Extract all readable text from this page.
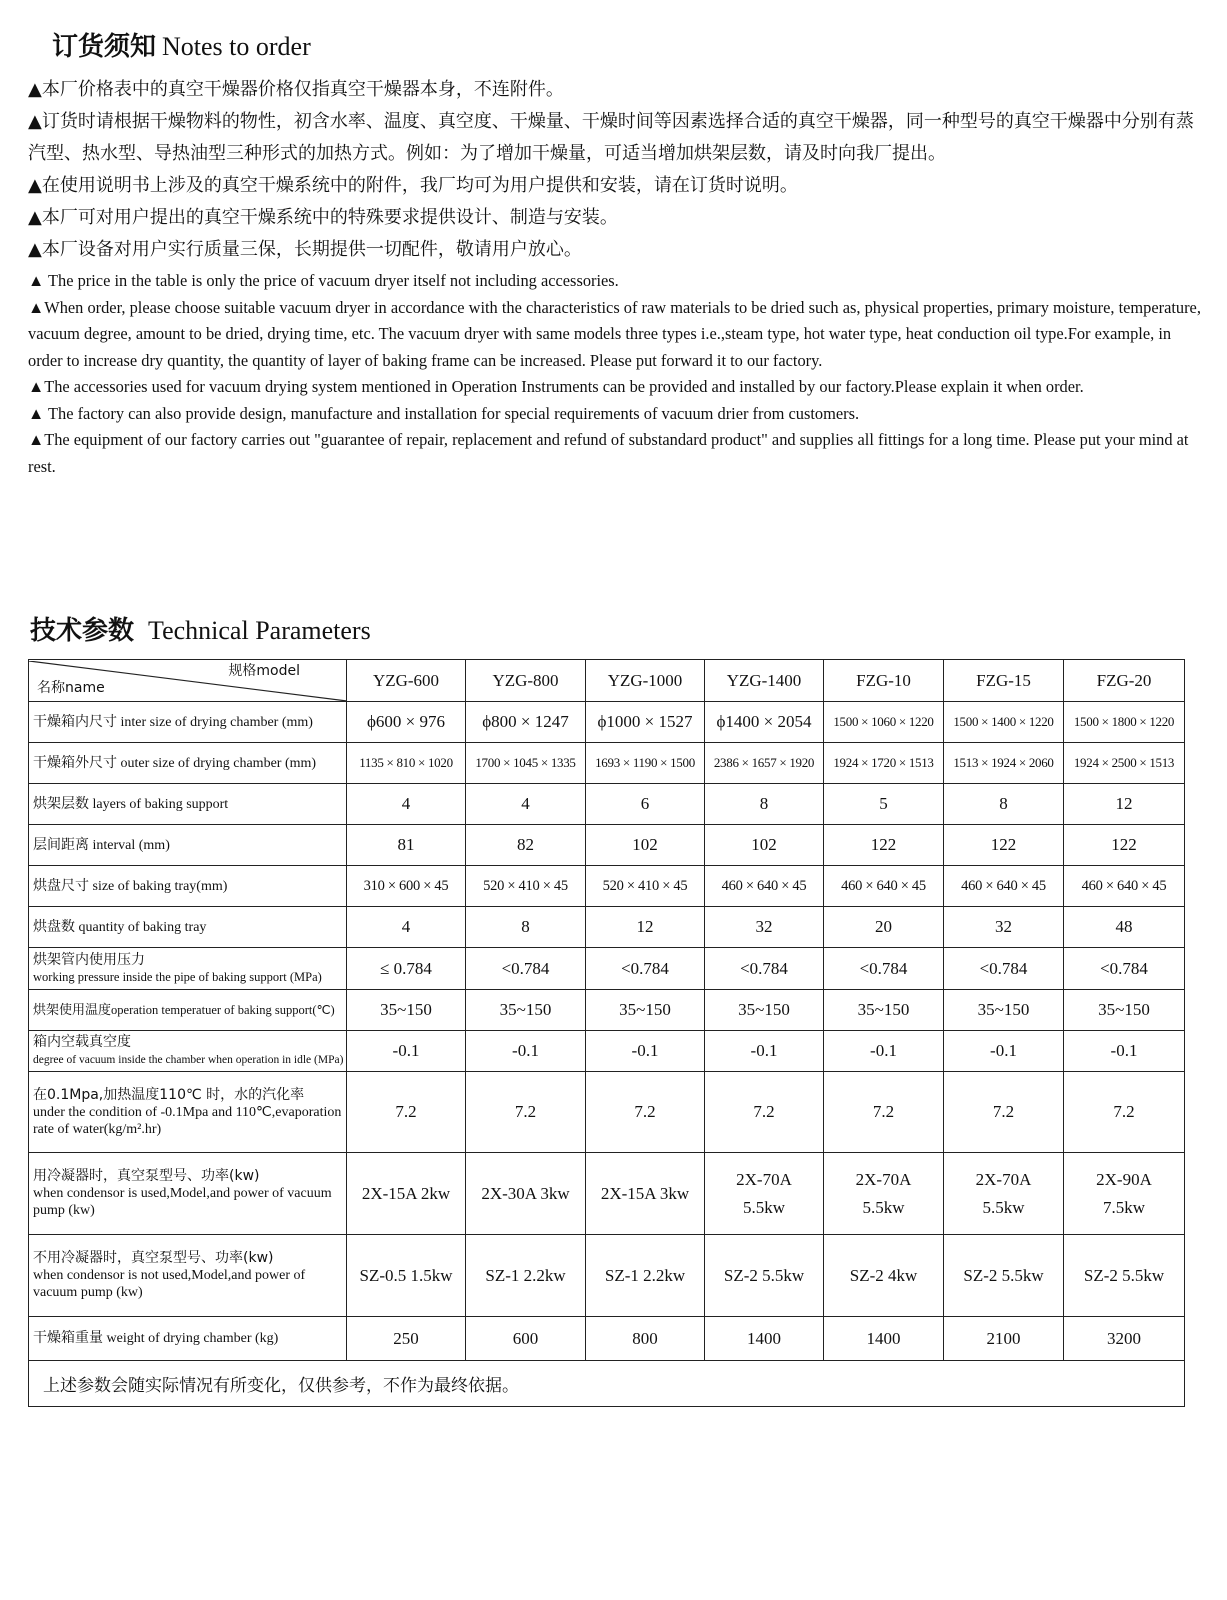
订货须知 Notes to order

▲本厂价格表中的真空干燥器价格仅指真空干燥器本身，不连附件。

▲订货时请根据干燥物料的物性，初含水率、温度、真空度、干燥量、干燥时间等因素选择合适的真空干燥器，同一种型号的真空干燥器中分别有蒸汽型、热水型、导热油型三种形式的加热方式。例如：为了增加干燥量，可适当增加烘架层数，请及时向我厂提出。

▲在使用说明书上涉及的真空干燥系统中的附件，我厂均可为用户提供和安装，请在订货时说明。

▲本厂可对用户提出的真空干燥系统中的特殊要求提供设计、制造与安装。

▲本厂设备对用户实行质量三保，长期提供一切配件，敬请用户放心。

▲ The price in the table is only the price of vacuum dryer itself not including accessories.

▲When order, please choose suitable vacuum dryer in accordance with the characteristics of raw materials to be dried such as, physical properties, primary moisture, temperature, vacuum degree, amount to be dried, drying time, etc. The vacuum dryer with same models three types i.e.,steam type, hot water type, heat conduction oil type.For example, in order to increase dry quantity, the quantity of layer of baking frame can be increased. Please put forward it to our factory.

▲The accessories used for vacuum drying system mentioned in Operation Instruments can be provided and installed by our factory.Please explain it when order.

▲ The factory can also provide design, manufacture and installation for special requirements of vacuum drier from customers.

▲The equipment of our factory carries out "guarantee of repair, replacement and refund of substandard product" and supplies all fittings for a long time. Please put your mind at rest.

技术参数 Technical Parameters
规格model
名称name	YZG-600	YZG-800	YZG-1000	YZG-1400	FZG-10	FZG-15	FZG-20
干燥箱内尺寸 inter size of drying chamber (mm)	ϕ600 × 976	ϕ800 × 1247	ϕ1000 × 1527	ϕ1400 × 2054	1500 × 1060 × 1220	1500 × 1400 × 1220	1500 × 1800 × 1220
干燥箱外尺寸 outer size of drying chamber (mm)	1135 × 810 × 1020	1700 × 1045 × 1335	1693 × 1190 × 1500	2386 × 1657 × 1920	1924 × 1720 × 1513	1513 × 1924 × 2060	1924 × 2500 × 1513
烘架层数 layers of baking support	4	4	6	8	5	8	12
层间距离 interval (mm)	81	82	102	102	122	122	122
烘盘尺寸 size of baking tray(mm)	310 × 600 × 45	520 × 410 × 45	520 × 410 × 45	460 × 640 × 45	460 × 640 × 45	460 × 640 × 45	460 × 640 × 45
烘盘数 quantity of baking tray	4	8	12	32	20	32	48
烘架管内使用压力
working pressure inside the pipe of baking support (MPa)	≤ 0.784	<0.784	<0.784	<0.784	<0.784	<0.784	<0.784
烘架使用温度operation temperatuer of baking support(℃)	35~150	35~150	35~150	35~150	35~150	35~150	35~150
箱内空载真空度
degree of vacuum inside the chamber when operation in idle (MPa)	-0.1	-0.1	-0.1	-0.1	-0.1	-0.1	-0.1
在0.1Mpa,加热温度110℃ 时，水的汽化率
under the condition of -0.1Mpa and 110℃,evaporation rate of water(kg/m².hr)	7.2	7.2	7.2	7.2	7.2	7.2	7.2
用冷凝器时，真空泵型号、功率(kw)
when condensor is used,Model,and power of vacuum pump (kw)	2X-15A 2kw	2X-30A 3kw	2X-15A 3kw	2X-70A 5.5kw	2X-70A 5.5kw	2X-70A 5.5kw	2X-90A 7.5kw
不用冷凝器时，真空泵型号、功率(kw)
when condensor is not used,Model,and power of vacuum pump (kw)	SZ-0.5 1.5kw	SZ-1 2.2kw	SZ-1 2.2kw	SZ-2 5.5kw	SZ-2 4kw	SZ-2 5.5kw	SZ-2 5.5kw
干燥箱重量 weight of drying chamber (kg)	250	600	800	1400	1400	2100	3200
上述参数会随实际情况有所变化，仅供参考，不作为最终依据。							
